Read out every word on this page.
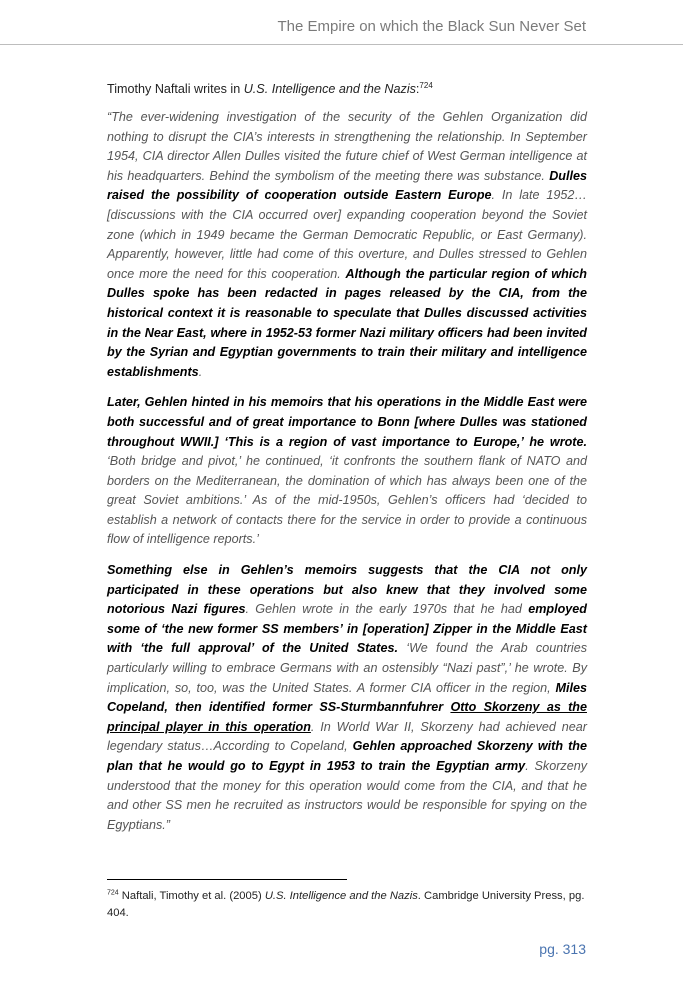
The Empire on which the Black Sun Never Set

Timothy Naftali writes in U.S. Intelligence and the Nazis:$^{724}$

“The ever-widening investigation of the security of the Gehlen Organization did nothing to disrupt the CIA’s interests in strengthening the relationship. In September 1954, CIA director Allen Dulles visited the future chief of West German intelligence at his headquarters. Behind the symbolism of the meeting there was substance. Dulles raised the possibility of cooperation outside Eastern Europe. In late 1952…[discussions with the CIA occurred over] expanding cooperation beyond the Soviet zone (which in 1949 became the German Democratic Republic, or East Germany). Apparently, however, little had come of this overture, and Dulles stressed to Gehlen once more the need for this cooperation. Although the particular region of which Dulles spoke has been redacted in pages released by the CIA, from the historical context it is reasonable to speculate that Dulles discussed activities in the Near East, where in 1952-53 former Nazi military officers had been invited by the Syrian and Egyptian governments to train their military and intelligence establishments.

Later, Gehlen hinted in his memoirs that his operations in the Middle East were both successful and of great importance to Bonn [where Dulles was stationed throughout WWII.] ‘This is a region of vast importance to Europe,’ he wrote. ‘Both bridge and pivot,’ he continued, ‘it confronts the southern flank of NATO and borders on the Mediterranean, the domination of which has always been one of the great Soviet ambitions.’ As of the mid-1950s, Gehlen’s officers had ‘decided to establish a network of contacts there for the service in order to provide a continuous flow of intelligence reports.’

Something else in Gehlen’s memoirs suggests that the CIA not only participated in these operations but also knew that they involved some notorious Nazi figures. Gehlen wrote in the early 1970s that he had employed some of ‘the new former SS members’ in [operation] Zipper in the Middle East with ‘the full approval’ of the United States. ‘We found the Arab countries particularly willing to embrace Germans with an ostensibly “Nazi past”,’ he wrote. By implication, so, too, was the United States. A former CIA officer in the region, Miles Copeland, then identified former SS-Sturmbannfuhrer Otto Skorzeny as the principal player in this operation. In World War II, Skorzeny had achieved near legendary status…According to Copeland, Gehlen approached Skorzeny with the plan that he would go to Egypt in 1953 to train the Egyptian army. Skorzeny understood that the money for this operation would come from the CIA, and that he and other SS men he recruited as instructors would be responsible for spying on the Egyptians.”

$^{724}$ Naftali, Timothy et al. (2005) U.S. Intelligence and the Nazis. Cambridge University Press, pg. 404.
pg. 313
